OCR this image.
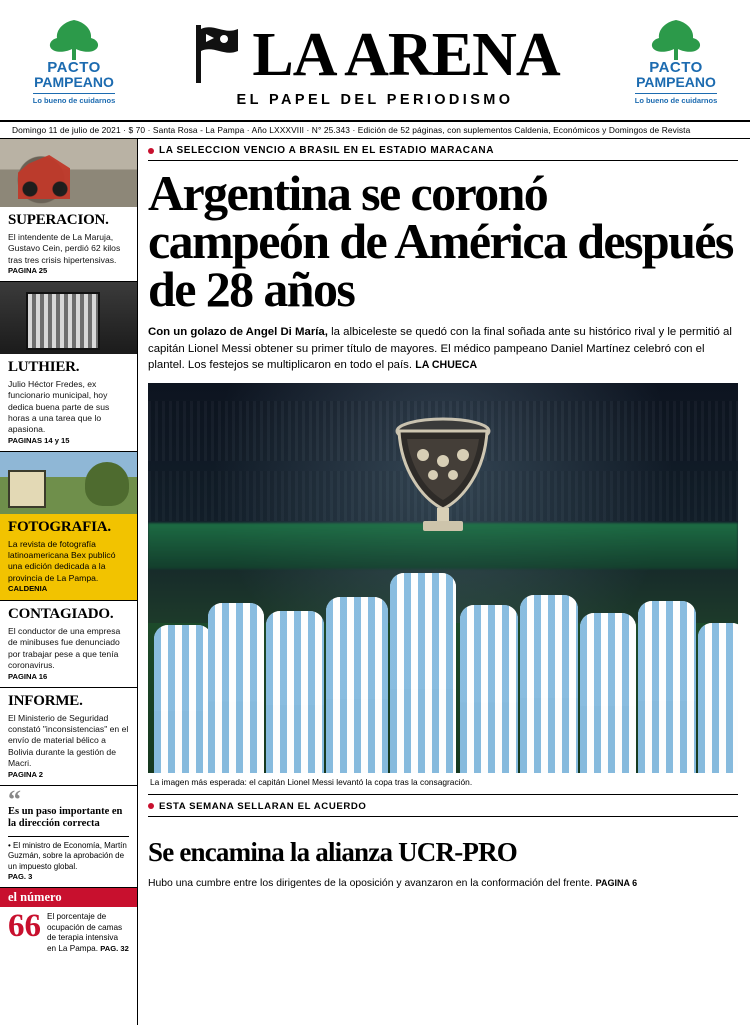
PACTO
PAMPEANO
Lo bueno de cuidarnos
LA ARENA
EL PAPEL DEL PERIODISMO
PACTO
PAMPEANO
Lo bueno de cuidarnos
Domingo 11 de julio de 2021 · $ 70 · Santa Rosa - La Pampa · Año LXXXVIII · N° 25.343 · Edición de 52 páginas, con suplementos Caldenia, Económicos y Domingos de Revista
SUPERACION.
El intendente de La Maruja, Gustavo Cein, perdió 62 kilos tras tres crisis hipertensivas.
PAGINA 25
LUTHIER.
Julio Héctor Fredes, ex funcionario municipal, hoy dedica buena parte de sus horas a una tarea que lo apasiona.
PAGINAS 14 y 15
FOTOGRAFIA.
La revista de fotografía latinoamericana Bex publicó una edición dedicada a la provincia de La Pampa.
CALDENIA
CONTAGIADO.
El conductor de una empresa de minibuses fue denunciado por trabajar pese a que tenía coronavirus.
PAGINA 16
INFORME.
El Ministerio de Seguridad constató "inconsistencias" en el envío de material bélico a Bolivia durante la gestión de Macri.
PAGINA 2
“
Es un paso importante en la dirección correcta
• El ministro de Economía, Martín Guzmán, sobre la aprobación de un impuesto global.
PAG. 3
el número
66 El porcentaje de ocupación de camas de terapia intensiva en La Pampa. PAG. 32
LA SELECCION VENCIO A BRASIL EN EL ESTADIO MARACANA
Argentina se coronó campeón de América después de 28 años

Con un golazo de Angel Di María, la albiceleste se quedó con la final soñada ante su histórico rival y le permitió al capitán Lionel Messi obtener su primer título de mayores. El médico pampeano Daniel Martínez celebró con el plantel. Los festejos se multiplicaron en todo el país. LA CHUECA

La imagen más esperada: el capitán Lionel Messi levantó la copa tras la consagración.
ESTA SEMANA SELLARAN EL ACUERDO
Se encamina la alianza UCR-PRO

Hubo una cumbre entre los dirigentes de la oposición y avanzaron en la conformación del frente. PAGINA 6
